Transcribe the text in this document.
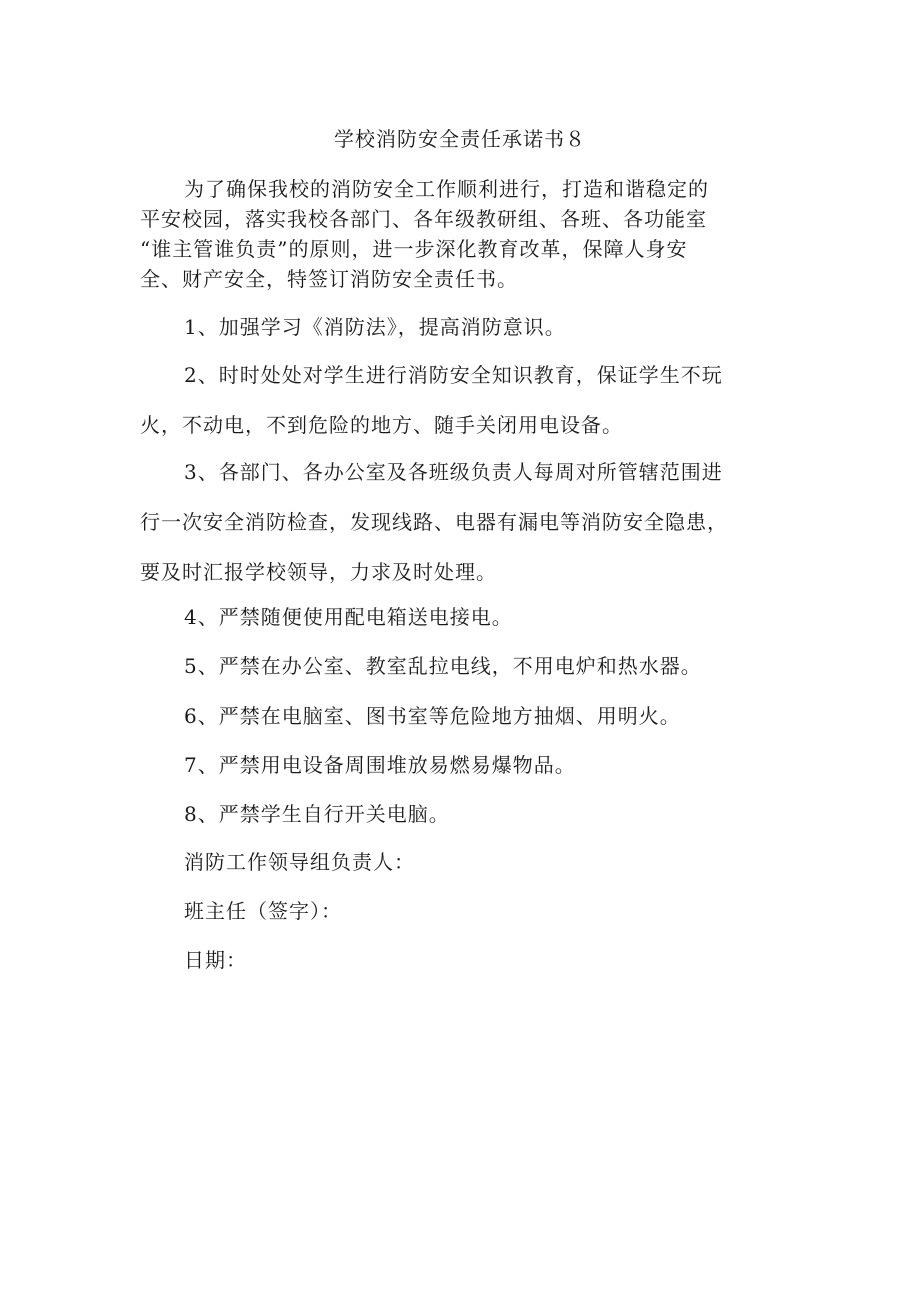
学校消防安全责任承诺书８

为了确保我校的消防安全工作顺利进行，打造和谐稳定的
平安校园，落实我校各部门、各年级教研组、各班、各功能室
“谁主管谁负责”的原则，进一步深化教育改革，保障人身安
全、财产安全，特签订消防安全责任书。

1、加强学习《消防法》，提高消防意识。

2、时时处处对学生进行消防安全知识教育，保证学生不玩
火，不动电，不到危险的地方、随手关闭用电设备。

3、各部门、各办公室及各班级负责人每周对所管辖范围进
行一次安全消防检查，发现线路、电器有漏电等消防安全隐患，
要及时汇报学校领导，力求及时处理。

4、严禁随便使用配电箱送电接电。

5、严禁在办公室、教室乱拉电线，不用电炉和热水器。

6、严禁在电脑室、图书室等危险地方抽烟、用明火。

7、严禁用电设备周围堆放易燃易爆物品。

8、严禁学生自行开关电脑。

消防工作领导组负责人：

班主任（签字）：

日期：
